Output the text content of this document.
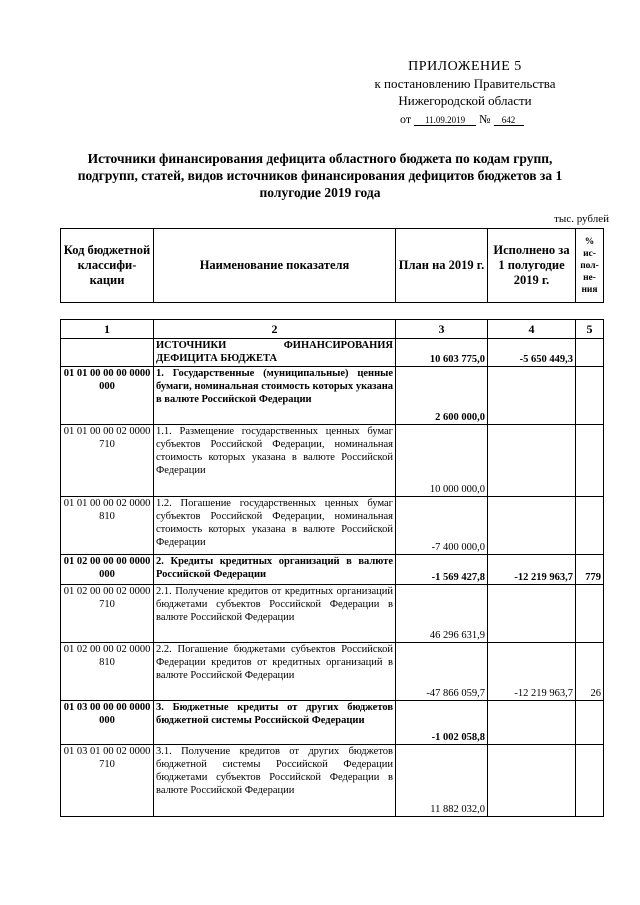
ПРИЛОЖЕНИЕ 5
к постановлению Правительства
Нижегородской области
от 11.09.2019 № 642
Источники финансирования дефицита областного бюджета по кодам групп, подгрупп, статей, видов источников финансирования дефицитов бюджетов за 1 полугодие 2019 года
тыс. рублей
Код бюджетной классифи-кации	Наименование показателя	План на 2019 г.	Исполнено за 1 полугодие 2019 г.	% ис-пол-не-ния
1	2	3	4	5
	ИСТОЧНИКИ ФИНАНСИРОВАНИЯ ДЕФИЦИТА БЮДЖЕТА	10 603 775,0	-5 650 449,3	
01 01 00 00 00 0000 000	1. Государственные (муниципальные) ценные бумаги, номинальная стоимость которых указана в валюте Российской Федерации	2 600 000,0		
01 01 00 00 02 0000 710	1.1. Размещение государственных ценных бумаг субъектов Российской Федерации, номинальная стоимость которых указана в валюте Российской Федерации	10 000 000,0		
01 01 00 00 02 0000 810	1.2. Погашение государственных ценных бумаг субъектов Российской Федерации, номинальная стоимость которых указана в валюте Российской Федерации	-7 400 000,0		
01 02 00 00 00 0000 000	2. Кредиты кредитных организаций в валюте Российской Федерации	-1 569 427,8	-12 219 963,7	779
01 02 00 00 02 0000 710	2.1. Получение кредитов от кредитных организаций бюджетами субъектов Российской Федерации в валюте Российской Федерации	46 296 631,9		
01 02 00 00 02 0000 810	2.2. Погашение бюджетами субъектов Российской Федерации кредитов от кредитных организаций в валюте Российской Федерации	-47 866 059,7	-12 219 963,7	26
01 03 00 00 00 0000 000	3. Бюджетные кредиты от других бюджетов бюджетной системы Российской Федерации	-1 002 058,8		
01 03 01 00 02 0000 710	3.1. Получение кредитов от других бюджетов бюджетной системы Российской Федерации бюджетами субъектов Российской Федерации в валюте Российской Федерации	11 882 032,0		
